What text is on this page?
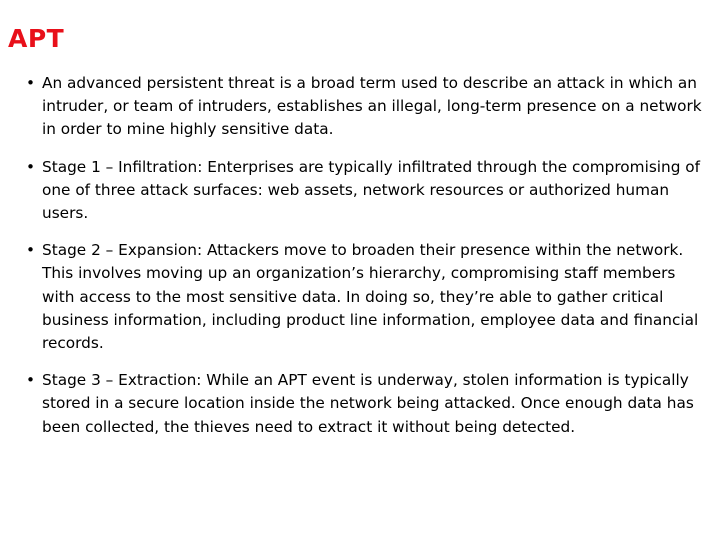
APT
• An advanced persistent threat is a broad term used to describe an attack in which an intruder, or team of intruders, establishes an illegal, long-term presence on a network in order to mine highly sensitive data.
• Stage 1 – Infiltration: Enterprises are typically infiltrated through the compromising of one of three attack surfaces: web assets, network resources or authorized human users.
• Stage 2 – Expansion: Attackers move to broaden their presence within the network. This involves moving up an organization’s hierarchy, compromising staff members with access to the most sensitive data. In doing so, they’re able to gather critical business information, including product line information, employee data and financial records.
• Stage 3 – Extraction: While an APT event is underway, stolen information is typically stored in a secure location inside the network being attacked. Once enough data has been collected, the thieves need to extract it without being detected.
